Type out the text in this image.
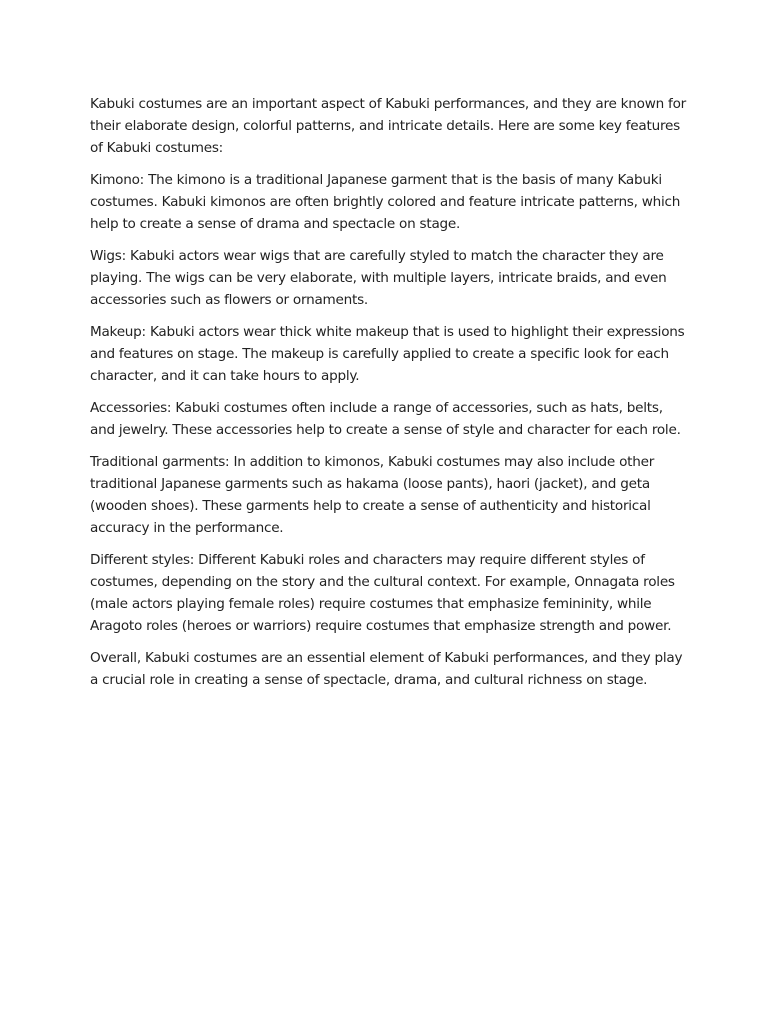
Kabuki costumes are an important aspect of Kabuki performances, and they are known for their elaborate design, colorful patterns, and intricate details. Here are some key features of Kabuki costumes:

Kimono: The kimono is a traditional Japanese garment that is the basis of many Kabuki costumes. Kabuki kimonos are often brightly colored and feature intricate patterns, which help to create a sense of drama and spectacle on stage.

Wigs: Kabuki actors wear wigs that are carefully styled to match the character they are playing. The wigs can be very elaborate, with multiple layers, intricate braids, and even accessories such as flowers or ornaments.

Makeup: Kabuki actors wear thick white makeup that is used to highlight their expressions and features on stage. The makeup is carefully applied to create a specific look for each character, and it can take hours to apply.

Accessories: Kabuki costumes often include a range of accessories, such as hats, belts, and jewelry. These accessories help to create a sense of style and character for each role.

Traditional garments: In addition to kimonos, Kabuki costumes may also include other traditional Japanese garments such as hakama (loose pants), haori (jacket), and geta (wooden shoes). These garments help to create a sense of authenticity and historical accuracy in the performance.

Different styles: Different Kabuki roles and characters may require different styles of costumes, depending on the story and the cultural context. For example, Onnagata roles (male actors playing female roles) require costumes that emphasize femininity, while Aragoto roles (heroes or warriors) require costumes that emphasize strength and power.

Overall, Kabuki costumes are an essential element of Kabuki performances, and they play a crucial role in creating a sense of spectacle, drama, and cultural richness on stage.
